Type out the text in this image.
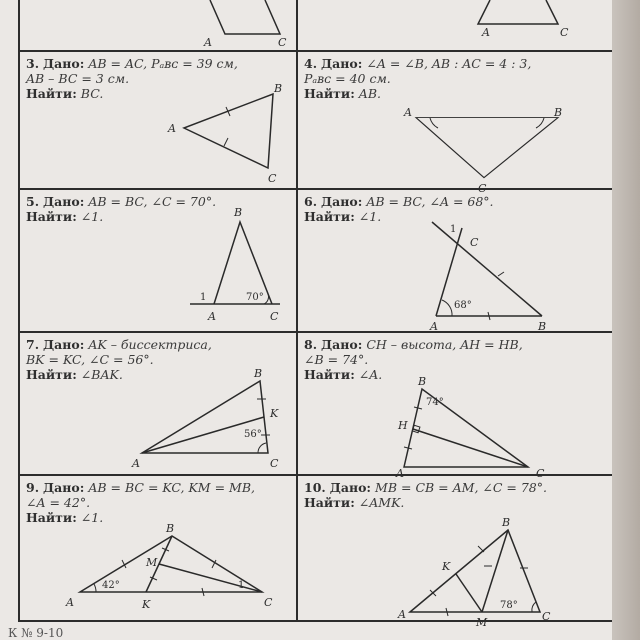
A	C
A	C
3. Дано: AB = AC, Pₐʙᴄ = 39 см,
AB – BC = 3 см.
Найти: BC.
A
B
C
4. Дано: ∠A = ∠B, AB : AC = 4 : 3,
Pₐʙᴄ = 40 см.
Найти: AB.
A	B
C
5. Дано: AB = BC, ∠C = 70°.
Найти: ∠1.	B
1	70°
A	C
6. Дано: AB = BC, ∠A = 68°.
Найти: ∠1.
1
C
68°
A	B
7. Дано: AK – биссектриса,
BK = KC, ∠C = 56°.
Найти: ∠BAK.	B
K
56°
A	C
8. Дано: CH – высота, AH = HB,
∠B = 74°.
Найти: ∠A.	B
74°
H
A	C
9. Дано: AB = BC = KC, KM = MB,
∠A = 42°.
Найти: ∠1.
B
M
42°	1
A	K	C
10. Дано: MB = CB = AM, ∠C = 78°.
Найти: ∠AMK.
B
K
78°
A
M	C
К № 9-10
